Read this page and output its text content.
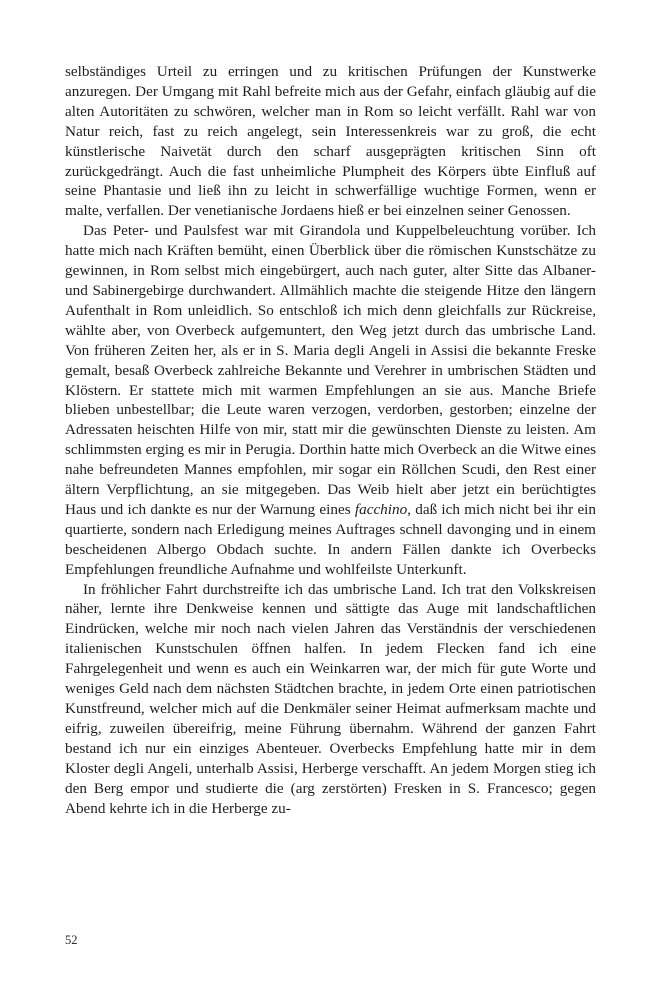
selbständiges Urteil zu erringen und zu kritischen Prüfungen der Kunstwerke anzuregen. Der Umgang mit Rahl befreite mich aus der Gefahr, einfach gläubig auf die alten Autoritäten zu schwören, welcher man in Rom so leicht verfällt. Rahl war von Natur reich, fast zu reich angelegt, sein Interessenkreis war zu groß, die echt künstlerische Naivetät durch den scharf ausgeprägten kritischen Sinn oft zurückgedrängt. Auch die fast unheimliche Plumpheit des Körpers übte Einfluß auf seine Phantasie und ließ ihn zu leicht in schwerfällige wuchtige Formen, wenn er malte, verfallen. Der venetianische Jordaens hieß er bei einzelnen seiner Genossen.

Das Peter- und Paulsfest war mit Girandola und Kuppelbeleuchtung vorüber. Ich hatte mich nach Kräften bemüht, einen Überblick über die römischen Kunstschätze zu gewinnen, in Rom selbst mich eingebürgert, auch nach guter, alter Sitte das Albaner- und Sabinergebirge durchwandert. Allmählich machte die steigende Hitze den längern Aufenthalt in Rom unleidlich. So entschloß ich mich denn gleichfalls zur Rückreise, wählte aber, von Overbeck aufgemuntert, den Weg jetzt durch das umbrische Land. Von früheren Zeiten her, als er in S. Maria degli Angeli in Assisi die bekannte Freske gemalt, besaß Overbeck zahlreiche Bekannte und Verehrer in umbrischen Städten und Klöstern. Er stattete mich mit warmen Empfehlungen an sie aus. Manche Briefe blieben unbestellbar; die Leute waren verzogen, verdorben, gestorben; einzelne der Adressaten heischten Hilfe von mir, statt mir die gewünschten Dienste zu leisten. Am schlimmsten erging es mir in Perugia. Dorthin hatte mich Overbeck an die Witwe eines nahe befreundeten Mannes empfohlen, mir sogar ein Röllchen Scudi, den Rest einer ältern Verpflichtung, an sie mitgegeben. Das Weib hielt aber jetzt ein berüchtigtes Haus und ich dankte es nur der Warnung eines facchino, daß ich mich nicht bei ihr ein quartierte, sondern nach Erledigung meines Auftrages schnell davonging und in einem bescheidenen Albergo Obdach suchte. In andern Fällen dankte ich Overbecks Empfehlungen freundliche Aufnahme und wohlfeilste Unterkunft.

In fröhlicher Fahrt durchstreifte ich das umbrische Land. Ich trat den Volkskreisen näher, lernte ihre Denkweise kennen und sättigte das Auge mit landschaftlichen Eindrücken, welche mir noch nach vielen Jahren das Verständnis der verschiedenen italienischen Kunstschulen öffnen halfen. In jedem Flecken fand ich eine Fahrgelegenheit und wenn es auch ein Weinkarren war, der mich für gute Worte und weniges Geld nach dem nächsten Städtchen brachte, in jedem Orte einen patriotischen Kunstfreund, welcher mich auf die Denkmäler seiner Heimat aufmerksam machte und eifrig, zuweilen übereifrig, meine Führung übernahm. Während der ganzen Fahrt bestand ich nur ein einziges Abenteuer. Overbecks Empfehlung hatte mir in dem Kloster degli Angeli, unterhalb Assisi, Herberge verschafft. An jedem Morgen stieg ich den Berg empor und studierte die (arg zerstörten) Fresken in S. Francesco; gegen Abend kehrte ich in die Herberge zu-

52
